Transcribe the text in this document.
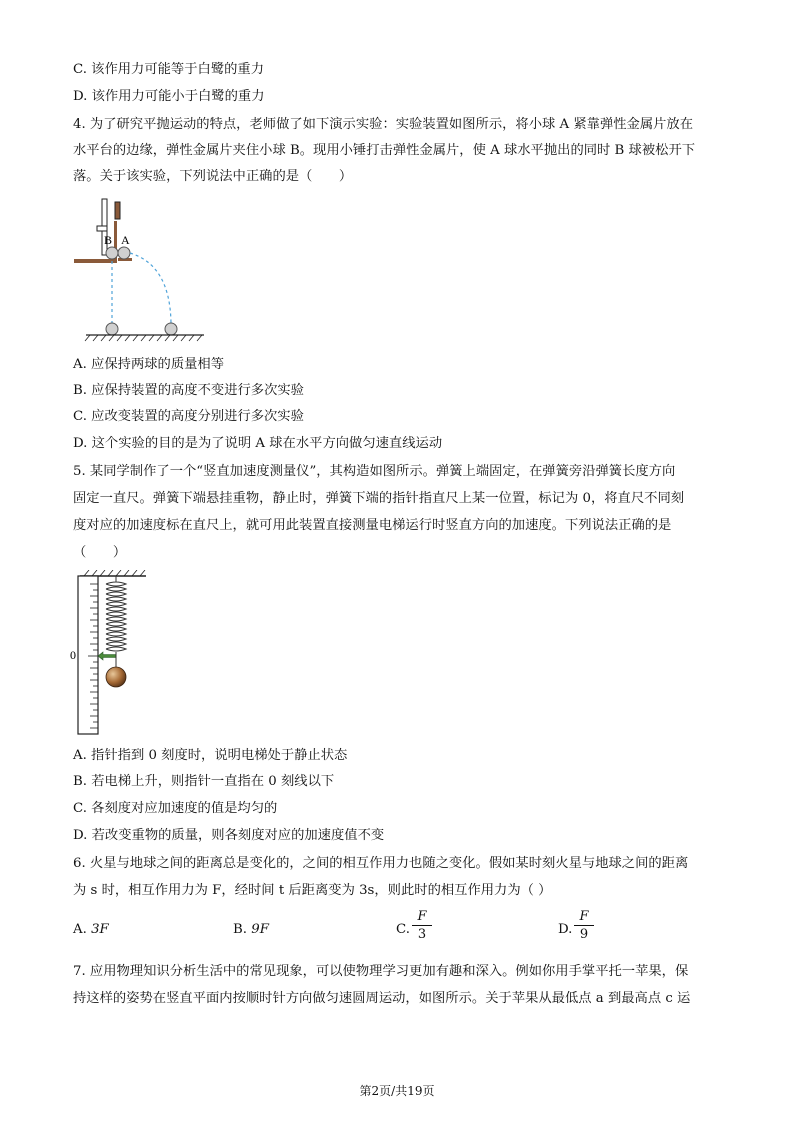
C. 该作用力可能等于白鹭的重力
D. 该作用力可能小于白鹭的重力
4. 为了研究平抛运动的特点，老师做了如下演示实验：实验装置如图所示，将小球 A 紧靠弹性金属片放在
水平台的边缘，弹性金属片夹住小球 B。现用小锤打击弹性金属片，使 A 球水平抛出的同时 B 球被松开下
落。关于该实验，下列说法中正确的是（　　）
B A
A. 应保持两球的质量相等
B. 应保持装置的高度不变进行多次实验
C. 应改变装置的高度分别进行多次实验
D. 这个实验的目的是为了说明 A 球在水平方向做匀速直线运动
5. 某同学制作了一个“竖直加速度测量仪”，其构造如图所示。弹簧上端固定，在弹簧旁沿弹簧长度方向
固定一直尺。弹簧下端悬挂重物，静止时，弹簧下端的指针指直尺上某一位置，标记为 0，将直尺不同刻
度对应的加速度标在直尺上，就可用此装置直接测量电梯运行时竖直方向的加速度。下列说法正确的是
（　　）
0
A. 指针指到 0 刻度时，说明电梯处于静止状态
B. 若电梯上升，则指针一直指在 0 刻线以下
C. 各刻度对应加速度的值是均匀的
D. 若改变重物的质量，则各刻度对应的加速度值不变
6. 火星与地球之间的距离总是变化的，之间的相互作用力也随之变化。假如某时刻火星与地球之间的距离
为 s 时，相互作用力为 F，经时间 t 后距离变为 3s，则此时的相互作用力为（ ）
A. 3F	B. 9F	C.
F
3	D.
F
9
7. 应用物理知识分析生活中的常见现象，可以使物理学习更加有趣和深入。例如你用手掌平托一苹果，保
持这样的姿势在竖直平面内按顺时针方向做匀速圆周运动，如图所示。关于苹果从最低点 a 到最高点 c 运
第2页/共19页
